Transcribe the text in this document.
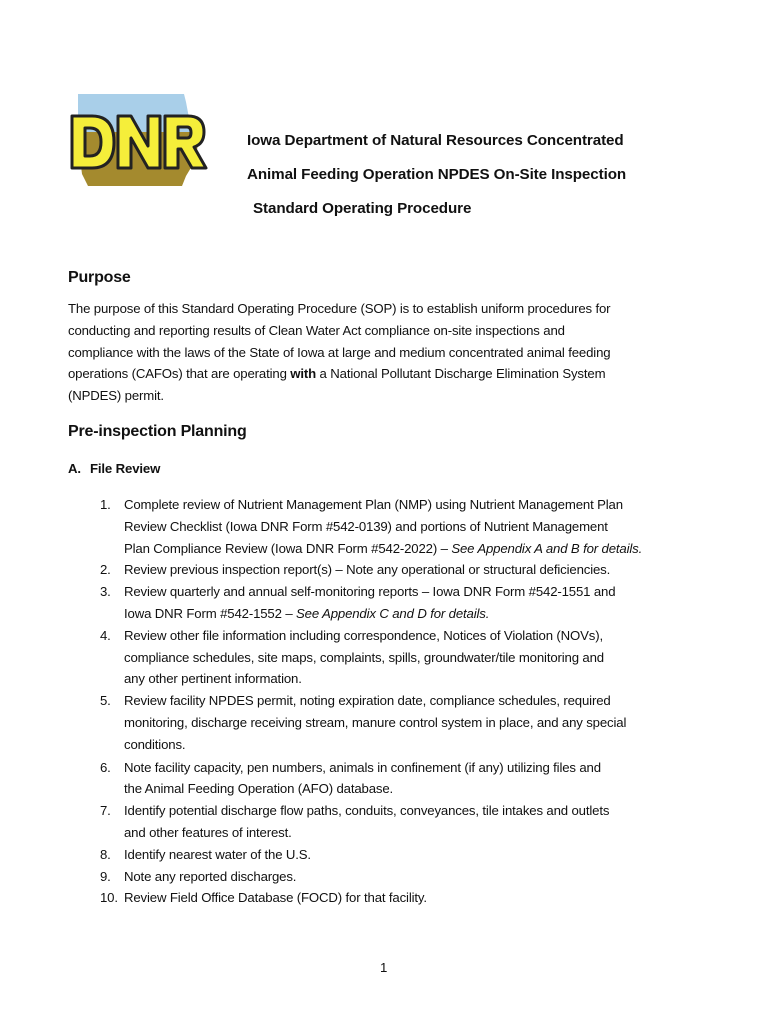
Iowa Department of Natural Resources Concentrated
Animal Feeding Operation NPDES On-Site Inspection
Standard Operating Procedure
Purpose
The purpose of this Standard Operating Procedure (SOP) is to establish uniform procedures for
conducting and reporting results of Clean Water Act compliance on-site inspections and
compliance with the laws of the State of Iowa at large and medium concentrated animal feeding
operations (CAFOs) that are operating with a National Pollutant Discharge Elimination System
(NPDES) permit.
Pre-inspection Planning
A. File Review
1. Complete review of Nutrient Management Plan (NMP) using Nutrient Management Plan
Review Checklist (Iowa DNR Form #542-0139) and portions of Nutrient Management
Plan Compliance Review (Iowa DNR Form #542-2022) – See Appendix A and B for details.
2. Review previous inspection report(s) – Note any operational or structural deficiencies.
3. Review quarterly and annual self-monitoring reports – Iowa DNR Form #542-1551 and
Iowa DNR Form #542-1552 – See Appendix C and D for details.
4. Review other file information including correspondence, Notices of Violation (NOVs),
compliance schedules, site maps, complaints, spills, groundwater/tile monitoring and
any other pertinent information.
5. Review facility NPDES permit, noting expiration date, compliance schedules, required
monitoring, discharge receiving stream, manure control system in place, and any special
conditions.
6. Note facility capacity, pen numbers, animals in confinement (if any) utilizing files and
the Animal Feeding Operation (AFO) database.
7. Identify potential discharge flow paths, conduits, conveyances, tile intakes and outlets
and other features of interest.
8. Identify nearest water of the U.S.
9. Note any reported discharges.
10. Review Field Office Database (FOCD) for that facility.
1
